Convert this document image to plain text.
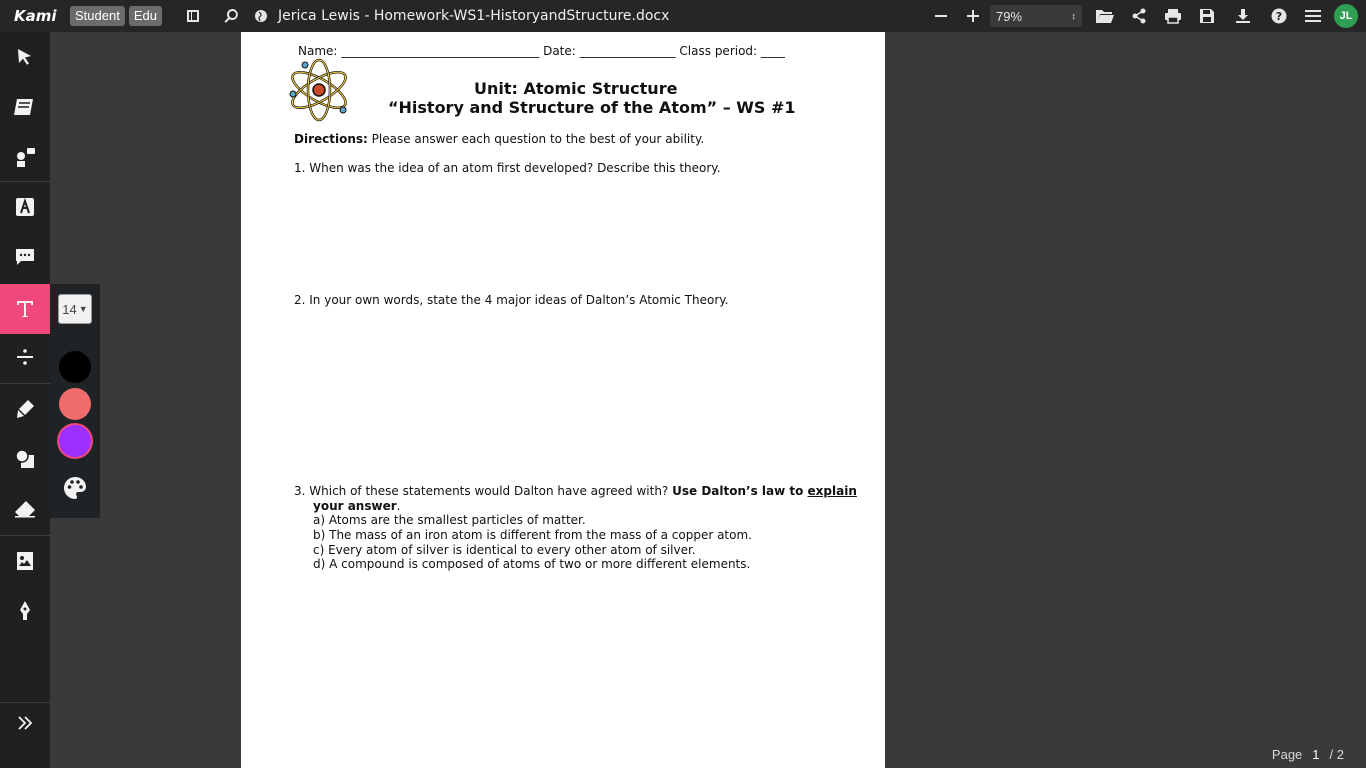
Kami	Student	Edu	Jerica Lewis - Homework-WS1-HistoryandStructure.docx	79%	↕	?	JL
14 ▼
Name: _________________________________ Date: ________________ Class period: ____
Unit: Atomic Structure
“History and Structure of the Atom” – WS #1
Directions: Please answer each question to the best of your ability.
1. When was the idea of an atom first developed? Describe this theory.
2. In your own words, state the 4 major ideas of Dalton’s Atomic Theory.
3. Which of these statements would Dalton have agreed with? Use Dalton’s law to explain
your answer.
a) Atoms are the smallest particles of matter.
b) The mass of an iron atom is different from the mass of a copper atom.
c) Every atom of silver is identical to every other atom of silver.
d) A compound is composed of atoms of two or more different elements.
Page 1 / 2
